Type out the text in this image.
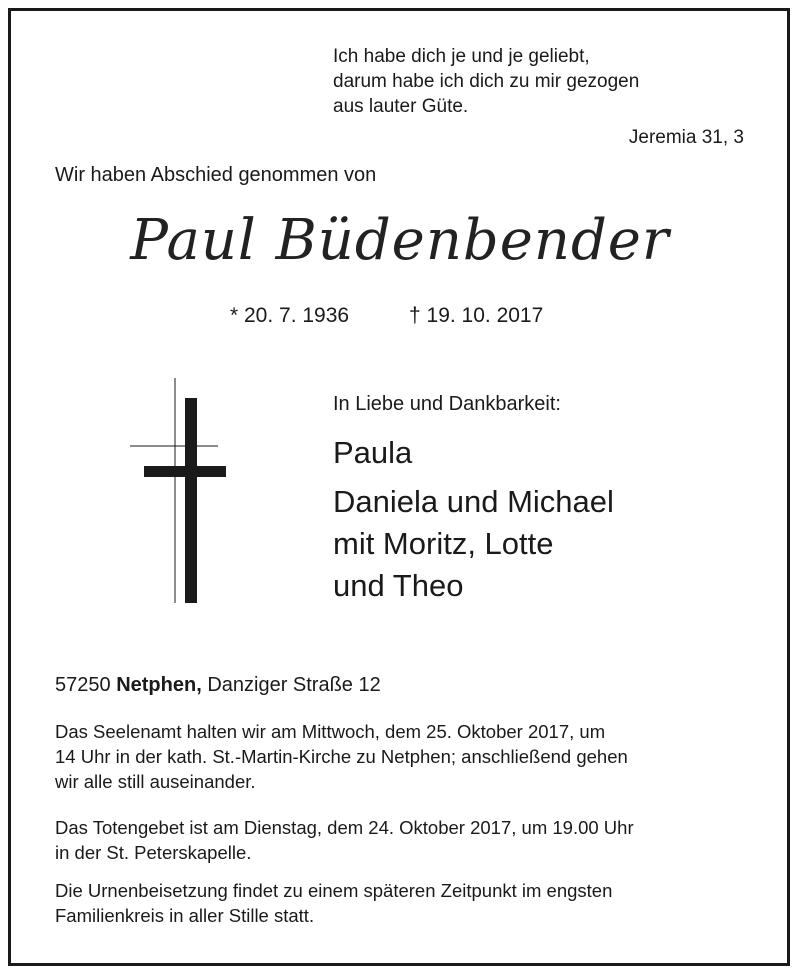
Ich habe dich je und je geliebt,
darum habe ich dich zu mir gezogen
aus lauter Güte.
Jeremia 31, 3
Wir haben Abschied genommen von
Paul Büdenbender
* 20. 7. 1936	† 19. 10. 2017
In Liebe und Dankbarkeit:
Paula
Daniela und Michael
mit Moritz, Lotte
und Theo
57250 Netphen, Danziger Straße 12
Das Seelenamt halten wir am Mittwoch, dem 25. Oktober 2017, um
14 Uhr in der kath. St.-Martin-Kirche zu Netphen; anschließend gehen
wir alle still auseinander.
Das Totengebet ist am Dienstag, dem 24. Oktober 2017, um 19.00 Uhr
in der St. Peterskapelle.
Die Urnenbeisetzung findet zu einem späteren Zeitpunkt im engsten
Familienkreis in aller Stille statt.
